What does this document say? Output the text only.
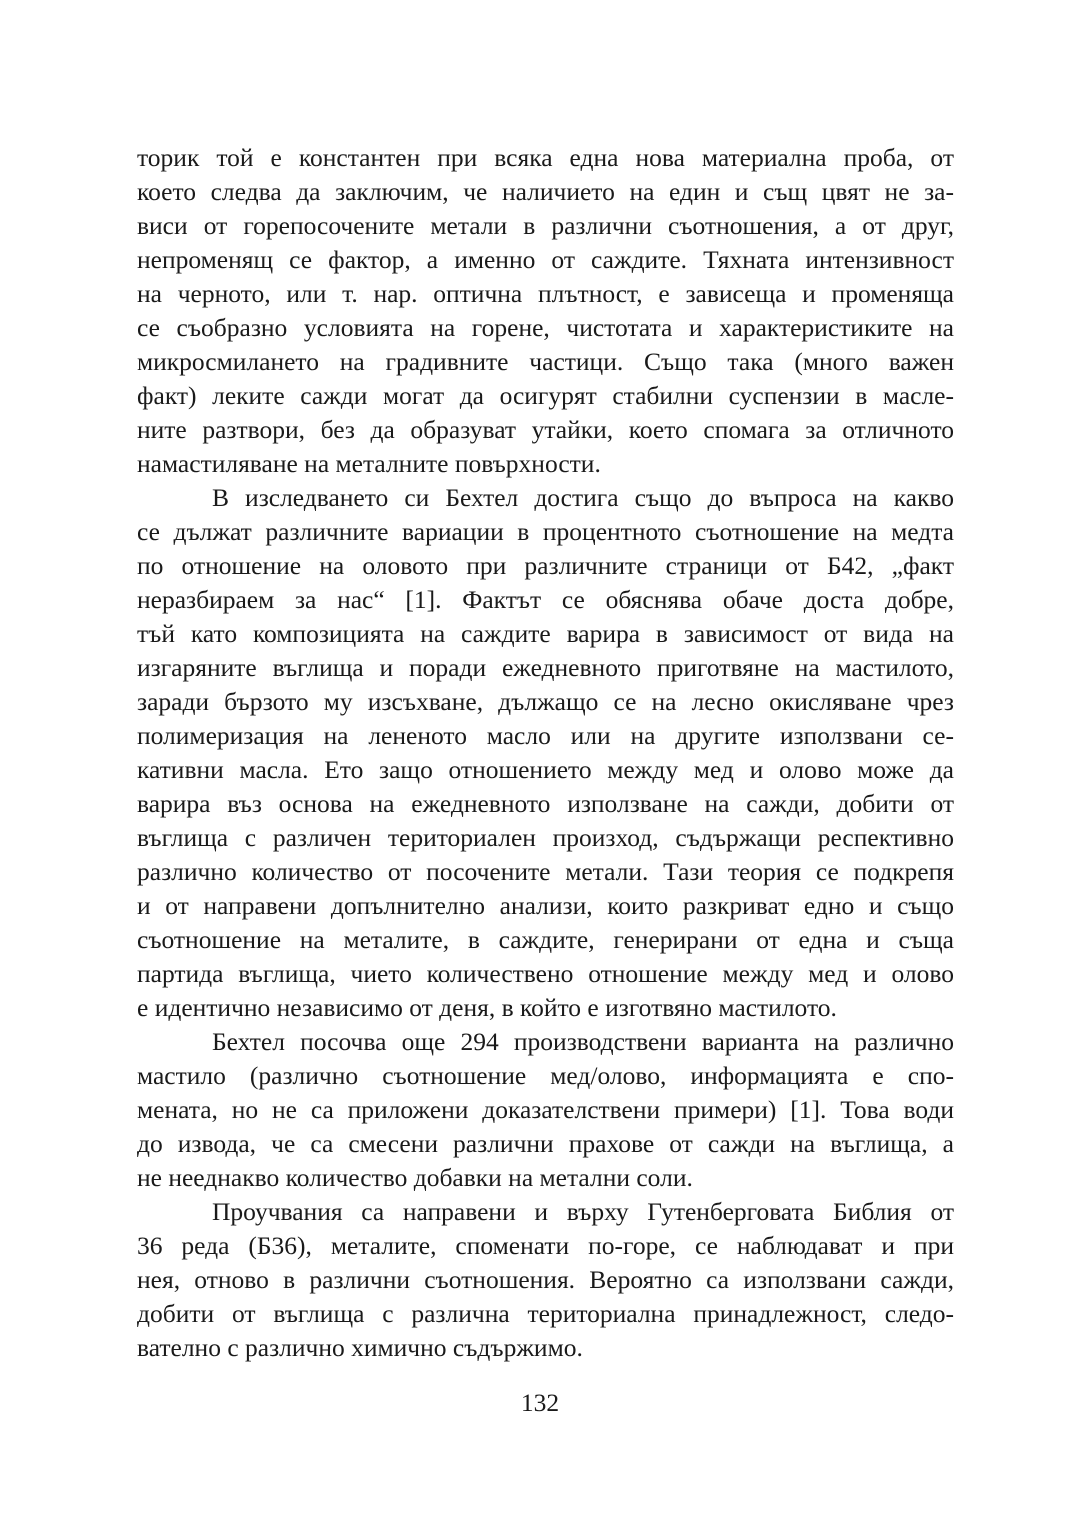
торик той е константен при всяка една нова материална проба, от
което следва да заключим, че наличието на един и същ цвят не за-
виси от горепосочените метали в различни съотношения, а от друг,
непроменящ се фактор, а именно от саждите. Тяхната интензивност
на черното, или т. нар. оптична плътност, е зависеща и променяща
се съобразно условията на горене, чистотата и характеристиките на
микросмилането на градивните частици. Също така (много важен
факт) леките сажди могат да осигурят стабилни суспензии в масле-
ните разтвори, без да образуват утайки, което спомага за отличното
намастиляване на металните повърхности.
В изследването си Бехтел достига също до въпроса на какво
се дължат различните вариации в процентното съотношение на медта
по отношение на оловото при различните страници от Б42, „факт
неразбираем за нас“ [1]. Фактът се обяснява обаче доста добре,
тъй като композицията на саждите варира в зависимост от вида на
изгаряните въглища и поради ежедневното приготвяне на мастилото,
заради бързото му изсъхване, дължащо се на лесно окисляване чрез
полимеризация на лененото масло или на другите използвани се-
кативни масла. Ето защо отношението между мед и олово може да
варира въз основа на ежедневното използване на сажди, добити от
въглища с различен териториален произход, съдържащи респективно
различно количество от посочените метали. Тази теория се подкрепя
и от направени допълнително анализи, които разкриват едно и също
съотношение на металите, в саждите, генерирани от една и съща
партида въглища, чието количествено отношение между мед и олово
е идентично независимо от деня, в който е изготвяно мастилото.
Бехтел посочва още 294 производствени варианта на различно
мастило (различно съотношение мед/олово, информацията е спо-
мената, но не са приложени доказателствени примери) [1]. Това води
до извода, че са смесени различни прахове от сажди на въглища, а
не нееднакво количество добавки на метални соли.
Проучвания са направени и върху Гутенберговата Библия от
36 реда (Б36), металите, споменати по-горе, се наблюдават и при
нея, отново в различни съотношения. Вероятно са използвани сажди,
добити от въглища с различна териториална принадлежност, следо-
вателно с различно химично съдържимо.
132
